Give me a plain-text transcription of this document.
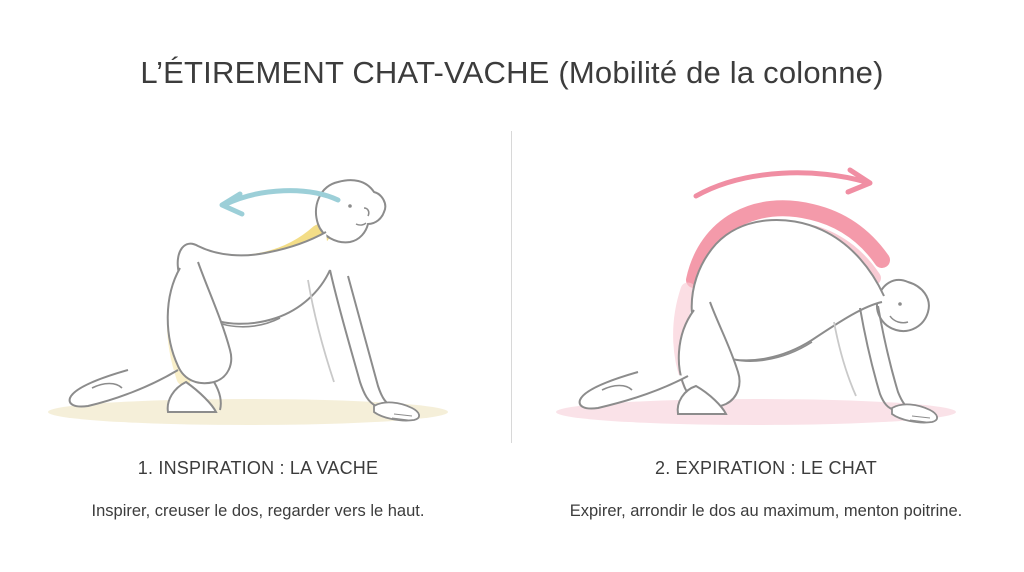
L’ÉTIREMENT CHAT-VACHE (Mobilité de la colonne)
1. INSPIRATION : LA VACHE
Inspirer, creuser le dos, regarder vers le haut.
2. EXPIRATION : LE CHAT
Expirer, arrondir le dos au maximum, menton poitrine.
